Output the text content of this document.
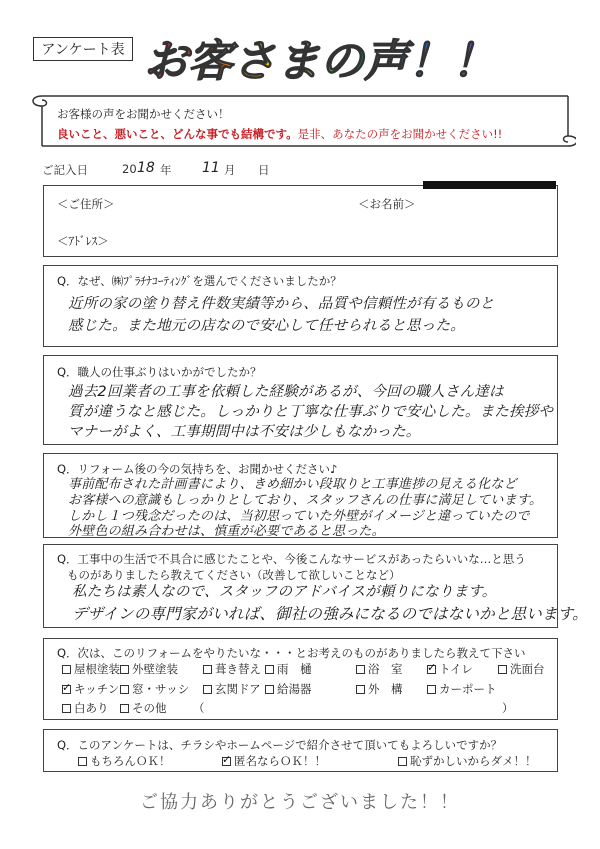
アンケート表 お客さまの声！！
お客様の声をお聞かせください！
良いこと、悪いこと、どんな事でも結構です。是非、あなたの声をお聞かせください!!
ご記入日	20 18 年 11 月 日
＜ご住所＞	＜お名前＞
＜ｱﾄﾞﾚｽ＞
Q．なぜ、㈱ﾌﾟﾗﾁﾅｺｰﾃｨﾝｸﾞを選んでくださいましたか？
近所の家の塗り替え件数実績等から、品質や信頼性が有るものと
感じた。また地元の店なので安心して任せられると思った。
Q．職人の仕事ぶりはいかがでしたか？
過去2回業者の工事を依頼した経験があるが、今回の職人さん達は
質が違うなと感じた。しっかりと丁寧な仕事ぶりで安心した。また挨拶や
マナーがよく、工事期間中は不安は少しもなかった。
Q．リフォーム後の今の気持ちを、お聞かせください♪
事前配布された計画書により、きめ細かい段取りと工事進捗の見える化など
お客様への意識もしっかりとしており、スタッフさんの仕事に満足しています。
しかし１つ残念だったのは、当初思っていた外壁がイメージと違っていたので
外壁色の組み合わせは、慎重が必要であると思った。
Q．工事中の生活で不具合に感じたことや、今後こんなサービスがあったらいいな…と思う
ものがありましたら教えてください（改善して欲しいことなど）
私たちは素人なので、スタッフのアドバイスが頼りになります。
デザインの専門家がいれば、御社の強みになるのではないかと思います。
Q．次は、このリフォームをやりたいな・・・とお考えのものがありましたら教えて下さい
屋根塗装	外壁塗装	葺き替え	雨　樋	浴　室 ✓	トイレ	洗面台
✓キッチン	窓・サッシ	玄関ドア	給湯器	外　構	カーポート
白あり	その他 （	）
Q．このアンケートは、チラシやホームページで紹介させて頂いてもよろしいですか？
もちろんＯＫ！ ✓	匿名ならＯＫ！！	恥ずかしいからダメ！！
ご協力ありがとうございました！！
